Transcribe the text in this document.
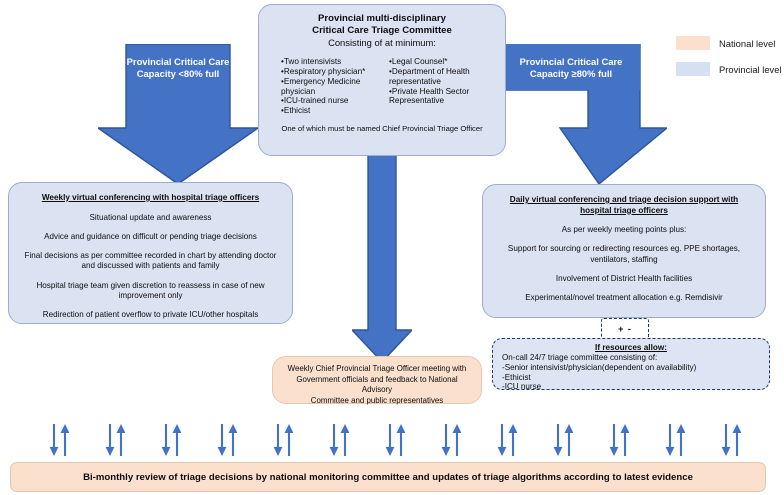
Provincial Critical Care
Capacity <80% full
Provincial Critical Care
Capacity ≥80% full
Provincial multi-disciplinary
Critical Care Triage Committee
Consisting of at minimum:
•Two intensivists
•Respiratory physician*
•Emergency Medicine
physician
•ICU-trained nurse
•Ethicist
•Legal Counsel*
•Department of Health
representative
•Private Health Sector
Representative
One of which must be named Chief Provincial Triage Officer
Weekly virtual conferencing with hospital triage officers
Situational update and awareness
Advice and guidance on difficult or pending triage decisions
Final decisions as per committee recorded in chart by attending doctor and discussed with patients and family
Hospital triage team given discretion to reassess in case of new improvement only
Redirection of patient overflow to private ICU/other hospitals
Daily virtual conferencing and triage decision support with hospital triage officers
As per weekly meeting points plus:
Support for sourcing or redirecting resources eg. PPE shortages, ventilators, staffing
Involvement of District Health facilities
Experimental/novel treatment allocation e.g. Remdisivir
Weekly Chief Provincial Triage Officer meeting with
Government officials and feedback to National Advisory
Committee and public representatives
+ -
If resources allow:
On-call 24/7 triage committee consisting of:
-Senior intensivist/physician(dependent on availability)
-Ethicist
-ICU nurse
National level
Provincial level
Bi-monthly review of triage decisions by national monitoring committee and updates of triage algorithms according to latest evidence
